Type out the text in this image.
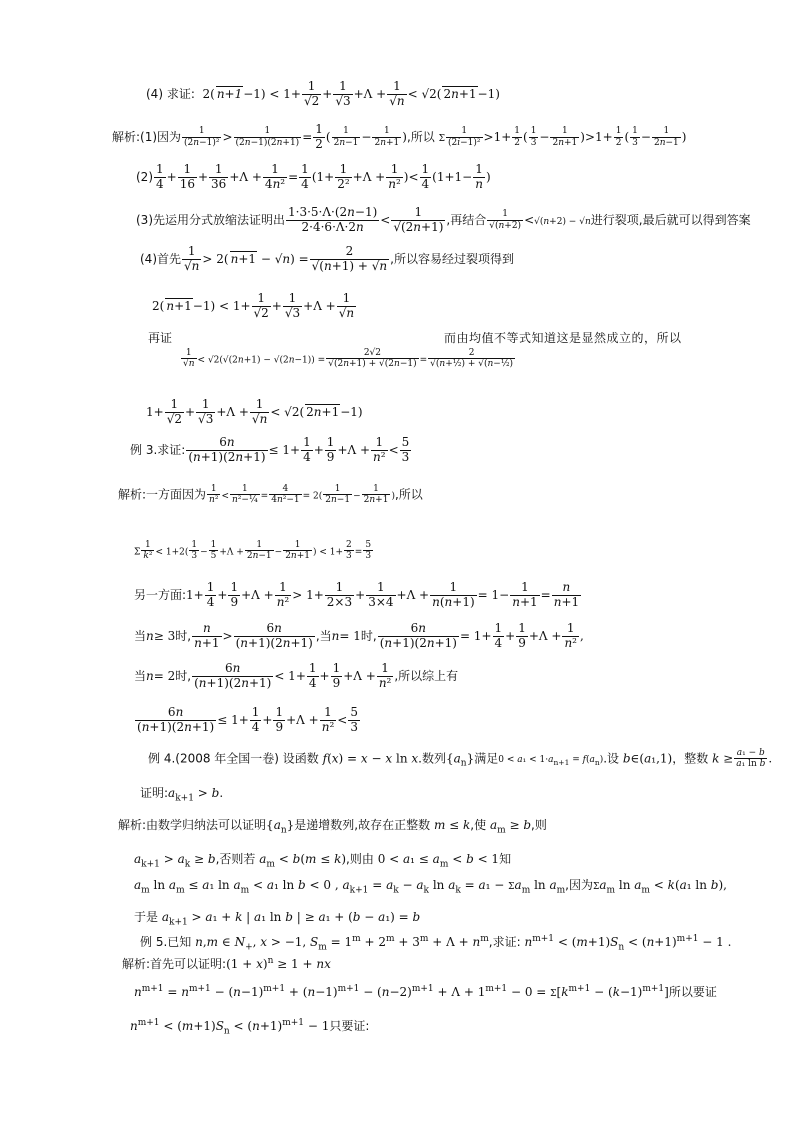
(4) 求证:  2( $n+1-1) < 1+ \frac{1}{√2} + \frac{1}{√3} +\Lambda + \frac{1}{√n} < √2$( 2n+1−1)
解析:(1)因为 $\frac{1}{\text{(2n−1)²}} > \frac{1}{(2n-1)(2n+1)} = \frac{1}{2}$ ( $\frac{1}{2n-1} - \frac{1}{2n+1}$ ),所以 Σ $\frac{1}{\text{(2i−1)²}} >1+ \frac{1}{2}$ ( $\frac{1}{3} - \frac{1}{2n+1} )>1+ \frac{1}{2}$ ( $\frac{1}{3} - \frac{1}{2n-1}$ )
$(2) \frac{1}{4} + \frac{1}{16} + \frac{1}{36} +\Lambda + \frac{1}{\text{4n²}} = \frac{1}{4} (1+ \frac{1}{\text{2²}} +\Lambda + \frac{1}{\text{n²}}$ )< $\frac{1}{4} (1+1- \frac{1}{n}$ )
(3)先运用分式放缩法证明出 $\frac{1\cdot 3\cdot 5\cdot\Lambda\cdot(2n-1)}{2\cdot 4\cdot 6\cdot\Lambda\cdot 2n} < \frac{1}{√(2n+1)}$ ,再结合 $\frac{1}{√(n+2)} <√(n+2) - √n$进行裂项,最后就可以得到答案
(4)首先 $\frac{1}{√n} > 2$( $n+1 - √n) = \frac{2}{√(n+1) + √n}$ ,所以容易经过裂项得到
2( $n+1-1) < 1+ \frac{1}{√2} + \frac{1}{√3} +\Lambda + \frac{1}{√n}$
再证	而由均值不等式知道这是显然成立的，所以
$\frac{1}{√n} < √2(√(2n+1) - √(2n-1)) = \frac{2√2}{√(2n+1) + √(2n-1)} = \frac{2}{\text{√(n+½) + √(n−½)}}$
$1+ \frac{1}{√2} + \frac{1}{√3} +\Lambda + \frac{1}{√n} < √2$( 2n+1−1)
例 3.求证: $\frac{6n}{(n+1)(2n+1)} \le 1+ \frac{1}{4} + \frac{1}{9} +\Lambda + \frac{1}{\text{n²}} < \frac{5}{3}$
解析:一方面因为 $\frac{1}{\text{n²}} < \frac{1}{\text{n²−¼}} = \frac{4}{\text{4n²−1}} = 2( \frac{1}{2n-1} - \frac{1}{2n+1}$ ),所以
Σ $\frac{1}{\text{k²}} < 1+2( \frac{1}{3} - \frac{1}{5} +\Lambda + \frac{1}{2n-1} - \frac{1}{2n+1}$ ) < $1+ \frac{2}{3} = \frac{5}{3}$
另一方面:1+ $\frac{1}{4} + \frac{1}{9} +\Lambda + \frac{1}{\text{n²}} > 1+ \frac{1}{2\times 3} + \frac{1}{3\times 4} +\Lambda + \frac{1}{n(n+1)} = 1- \frac{1}{n+1} = \frac{n}{n+1}$
当n≥ 3时, $\frac{n}{n+1} > \frac{6n}{(n+1)(2n+1)}$ ,当n= 1时, $\frac{6n}{(n+1)(2n+1)} = 1+ \frac{1}{4} + \frac{1}{9} +\Lambda + \frac{1}{\text{n²}}$ ,
当n= 2时, $\frac{6n}{(n+1)(2n+1)} < 1+ \frac{1}{4} + \frac{1}{9} +\Lambda + \frac{1}{\text{n²}}$ ,所以综上有
$\frac{6n}{(n+1)(2n+1)} \le 1+ \frac{1}{4} + \frac{1}{9} +\Lambda + \frac{1}{\text{n²}} < \frac{5}{3}$
例 4.(2008 年全国一卷) 设函数 f(x) = x − x ln x.数列$\{a_n\}$满足$0 < a_1 < 1\cdot a_{n+1} = f(a_n)$.设 b∈(a₁,1)，整数 $k \ge \frac{\text{a₁ − b}}{\text{a₁ ln b}}$ .
证明$:a_{k+1} > b$.
解析:由数学归纳法可以证明$\{a_n\}$是递增数列,故存在正整数 m ≤ k,使 $a_m \ge b$,则
$a_{k+1} > a_k \ge b$,否则若 $a_m < b(m \le k)$,则由 $0 < a_1 \le a_m < b < 1$知
$a_m$ $\ln a_m \le a_1$ $\ln a_m < a_1$ ln b < 0 , $a_{k+1} = a_k - a_k$ $\ln a_k = a_1 - \Sigma a_m$ $\ln a_m$,因为$\Sigma a_m$ $\ln a_m < k(a_1$ ln b),
于是 $a_{k+1} > a_1 + k$ | a₁ ln b | ≥ a₁ + (b − a₁) = b
例 5.已知 n,m ∈ $N_+$, x > −1, $S_m = 1^m + 2^m + 3^m + \Lambda + n^m$,求证: $n^{m+1} < (m+1)S_n < (n+1)^{m+1} - 1$ .
解析:首先可以证明:(1 + x)$^n$ ≥ 1 + nx
$n^{m+1} = n^{m+1} - (n-1)^{m+1} + (n-1)^{m+1} - (n-2)^{m+1} + \Lambda + 1^{m+1} - 0 = \Sigma[k^{m+1} - (k-1)^{m+1}]$所以要证
$n^{m+1} < (m+1)S_n < (n+1)^{m+1} - 1$只要证:
